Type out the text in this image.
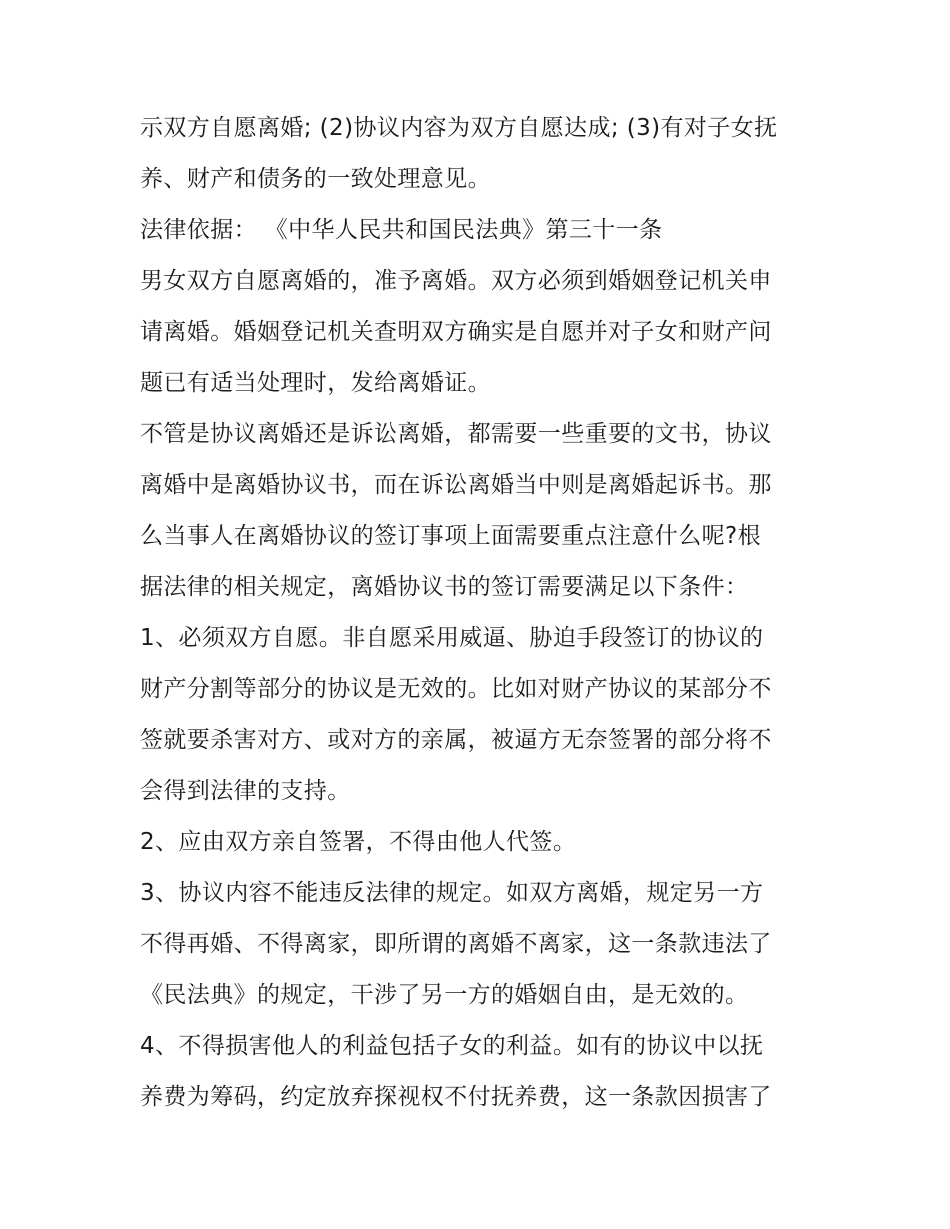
示双方自愿离婚; (2)协议内容为双方自愿达成; (3)有对子女抚
养、财产和债务的一致处理意见。
法律依据： 《中华人民共和国民法典》第三十一条
男女双方自愿离婚的，准予离婚。双方必须到婚姻登记机关申
请离婚。婚姻登记机关查明双方确实是自愿并对子女和财产问
题已有适当处理时，发给离婚证。
不管是协议离婚还是诉讼离婚，都需要一些重要的文书，协议
离婚中是离婚协议书，而在诉讼离婚当中则是离婚起诉书。那
么当事人在离婚协议的签订事项上面需要重点注意什么呢?根
据法律的相关规定，离婚协议书的签订需要满足以下条件：
1、必须双方自愿。非自愿采用威逼、胁迫手段签订的协议的
财产分割等部分的协议是无效的。比如对财产协议的某部分不
签就要杀害对方、或对方的亲属，被逼方无奈签署的部分将不
会得到法律的支持。
2、应由双方亲自签署，不得由他人代签。
3、协议内容不能违反法律的规定。如双方离婚，规定另一方
不得再婚、不得离家，即所谓的离婚不离家，这一条款违法了
《民法典》的规定，干涉了另一方的婚姻自由，是无效的。
4、不得损害他人的利益包括子女的利益。如有的协议中以抚
养费为筹码，约定放弃探视权不付抚养费，这一条款因损害了
